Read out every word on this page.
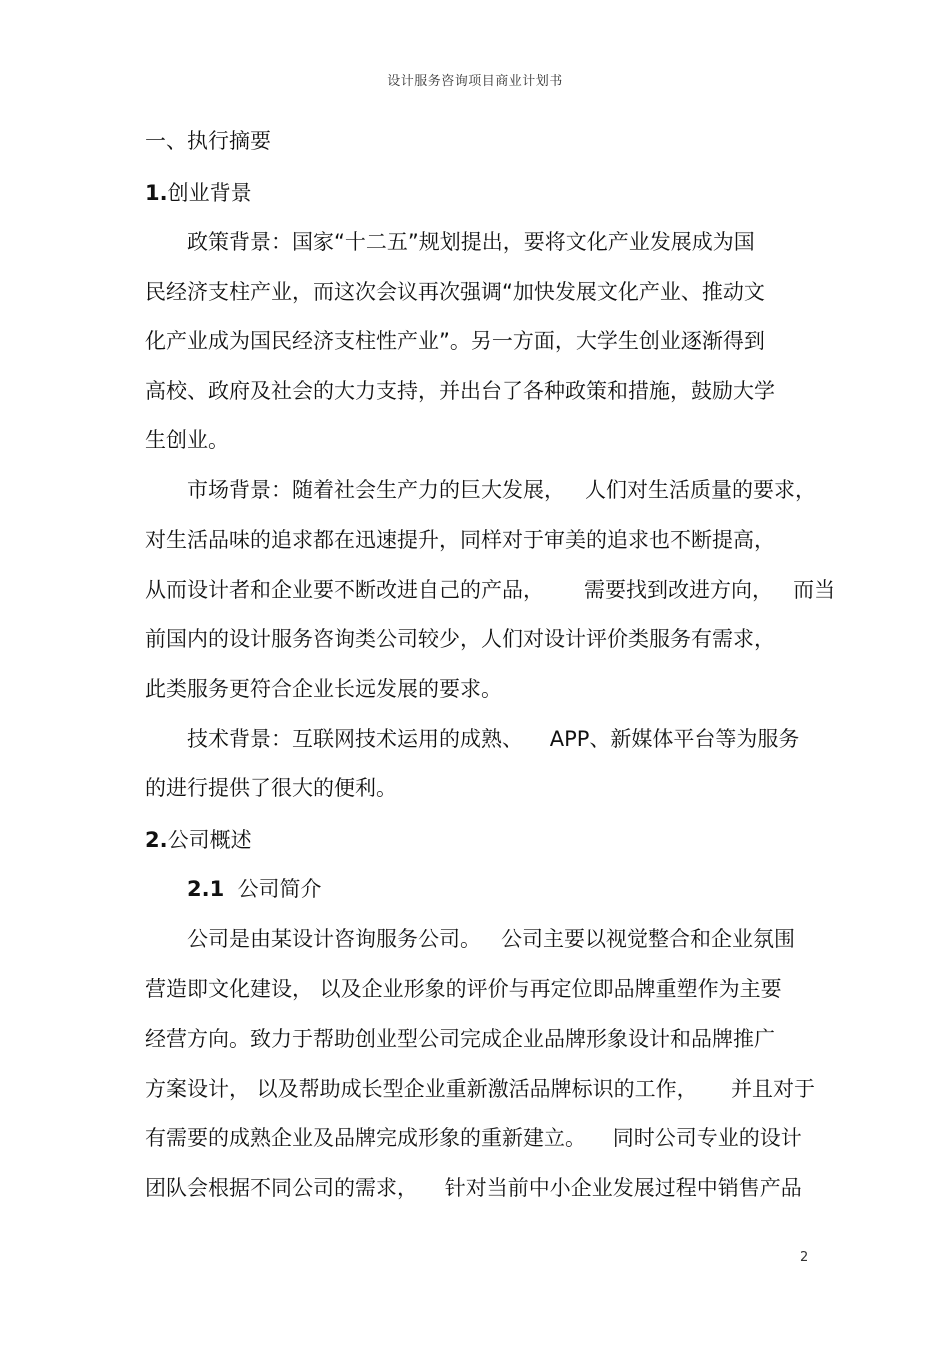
设计服务咨询项目商业计划书
一、执行摘要
1.创业背景
政策背景：国家“十二五”规划提出，要将文化产业发展成为国
民经济支柱产业，而这次会议再次强调“加快发展文化产业、推动文
化产业成为国民经济支柱性产业”。另一方面，大学生创业逐渐得到
高校、政府及社会的大力支持，并出台了各种政策和措施，鼓励大学
生创业。
市场背景：随着社会生产力的巨大发展，   人们对生活质量的要求，
对生活品味的追求都在迅速提升，同样对于审美的追求也不断提高，
从而设计者和企业要不断改进自己的产品，      需要找到改进方向，   而当
前国内的设计服务咨询类公司较少，人们对设计评价类服务有需求，
此类服务更符合企业长远发展的要求。
技术背景：互联网技术运用的成熟、    APP、新媒体平台等为服务
的进行提供了很大的便利。
2.公司概述
2.1  公司简介
公司是由某设计咨询服务公司。   公司主要以视觉整合和企业氛围
营造即文化建设， 以及企业形象的评价与再定位即品牌重塑作为主要
经营方向。致力于帮助创业型公司完成企业品牌形象设计和品牌推广
方案设计， 以及帮助成长型企业重新激活品牌标识的工作，     并且对于
有需要的成熟企业及品牌完成形象的重新建立。    同时公司专业的设计
团队会根据不同公司的需求，    针对当前中小企业发展过程中销售产品
2
